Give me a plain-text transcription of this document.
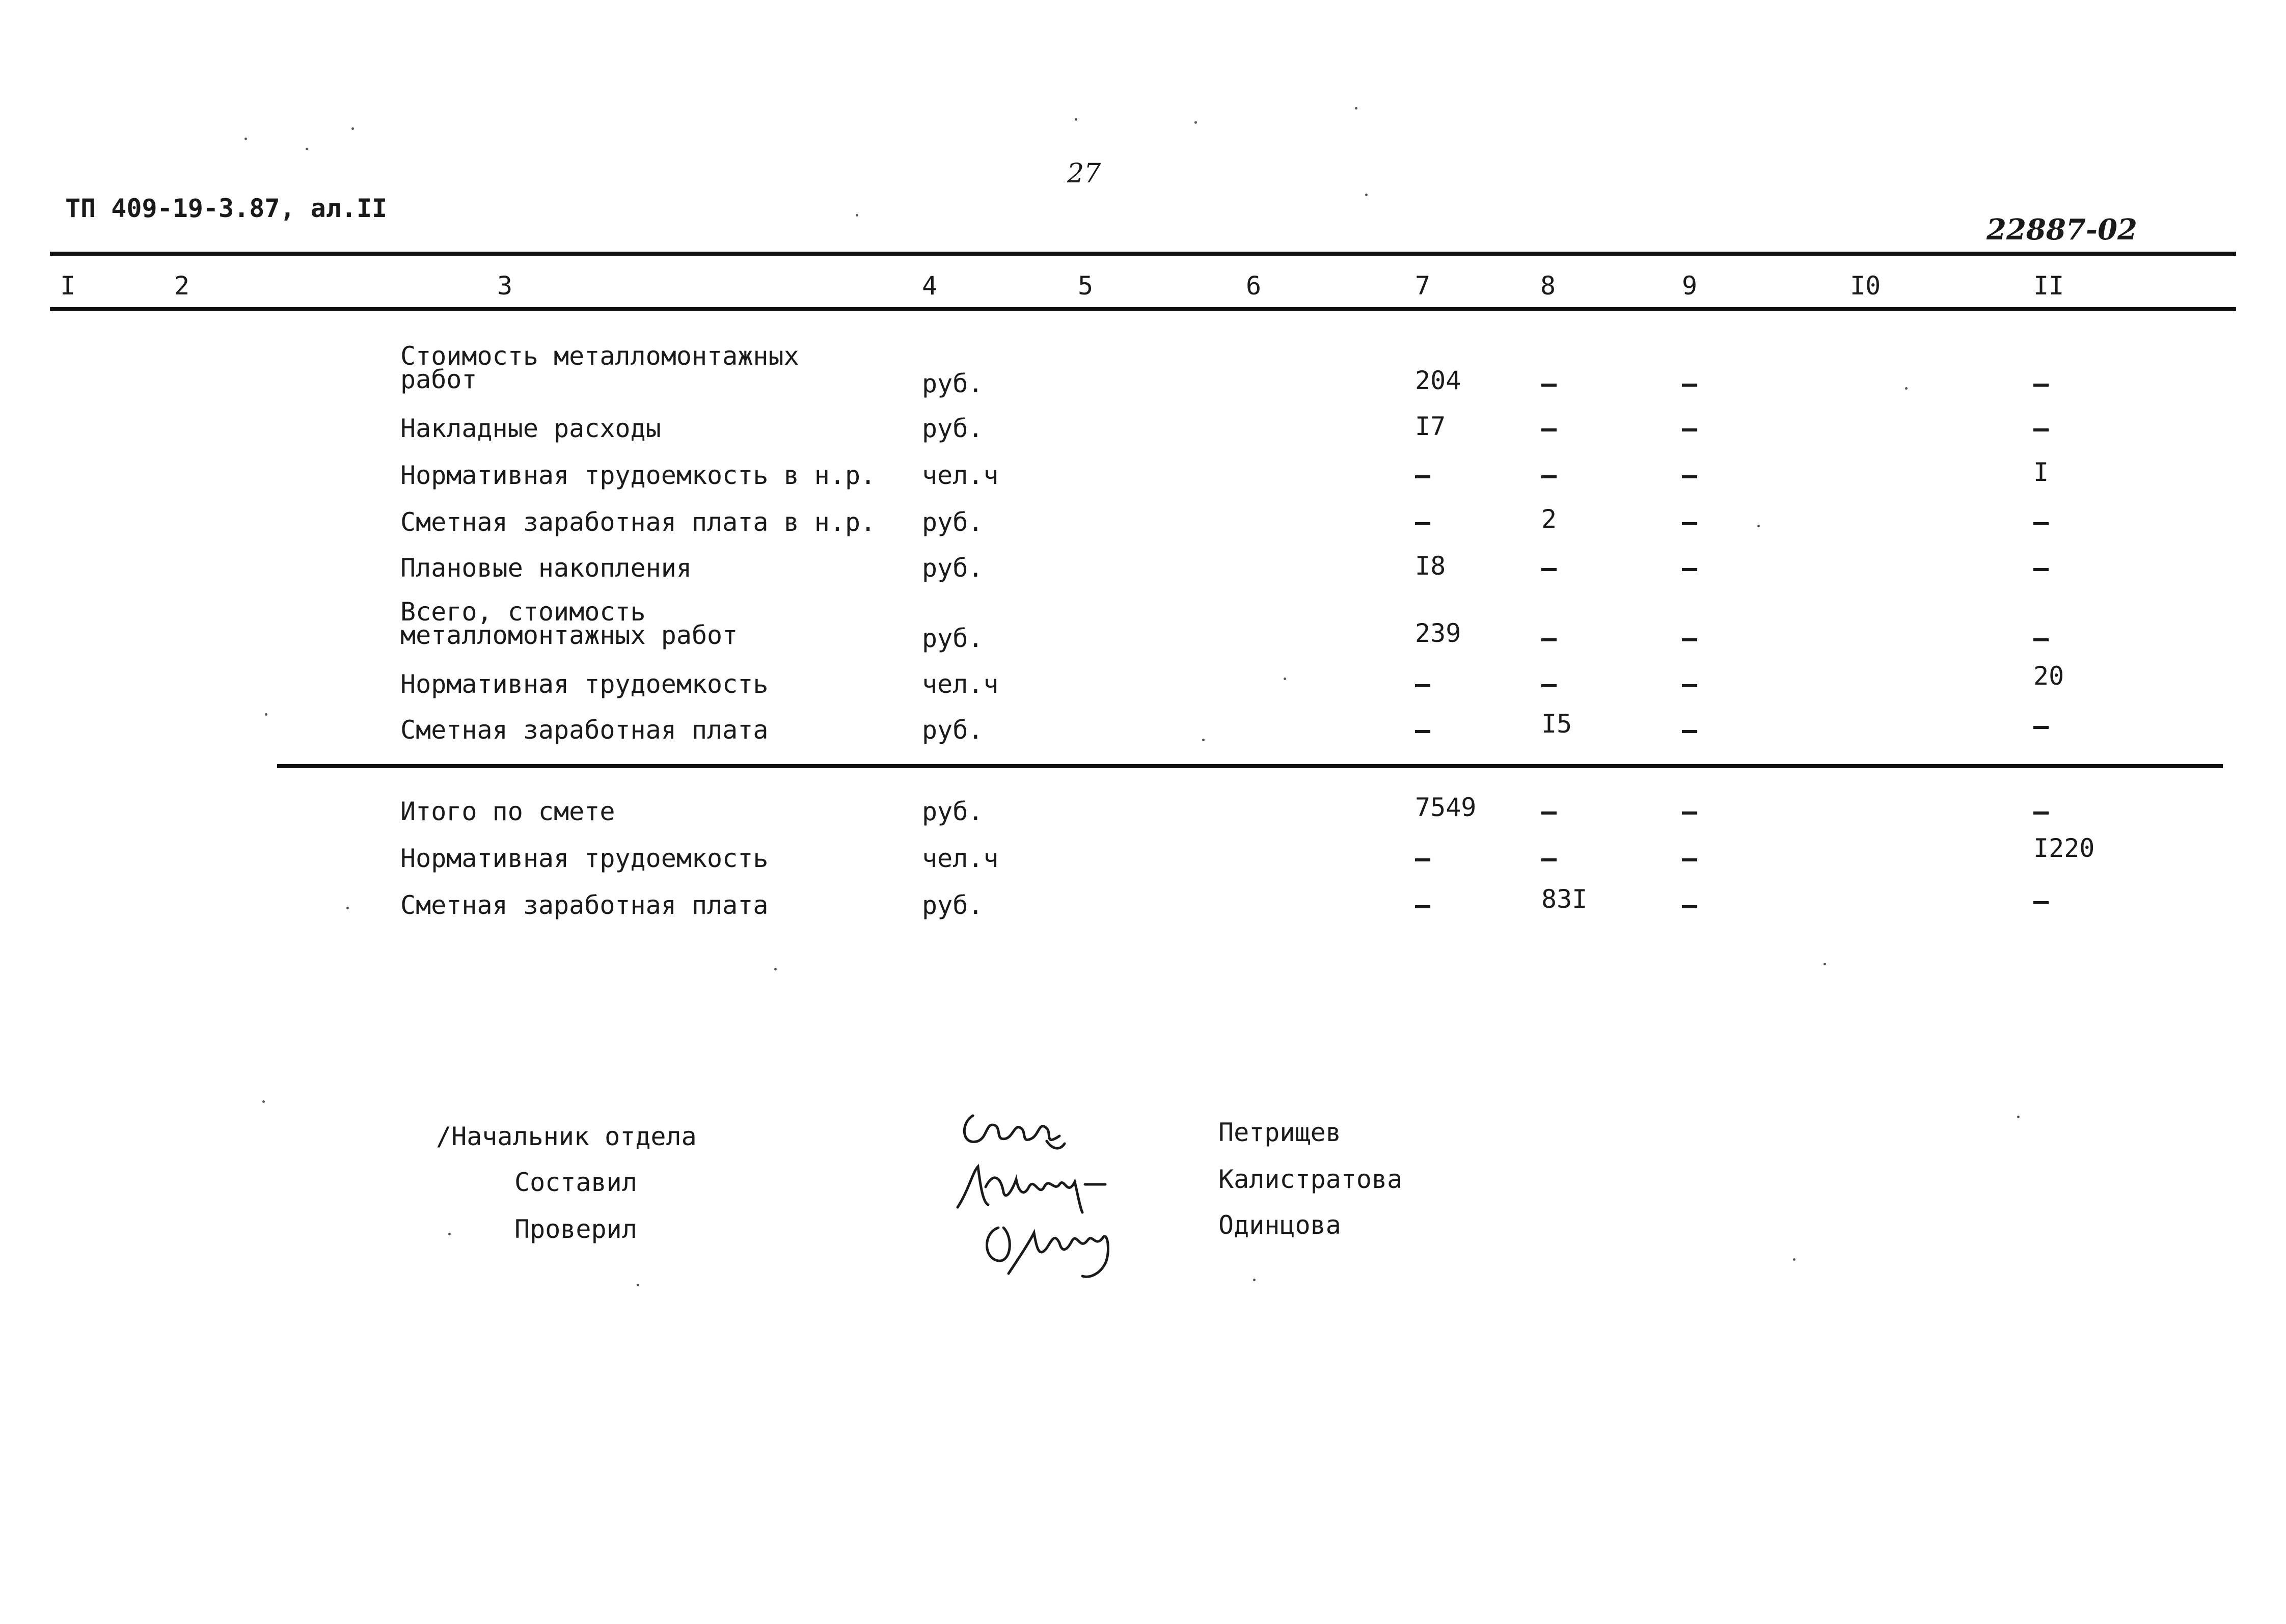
ТП 409-19-3.87, ал.II
27
22887-02
I	2	3	4	5	6	7	8	9	I0	II
Стоимость металломонтажных работ	руб.	204	–	–	–
Накладные расходы	руб.	I7	–	–	–
Нормативная трудоемкость в н.р. чел.ч	–	–	–	I
Сметная заработная плата в н.р. руб.	–	2	–	–
Плановые накопления	руб.	I8	–	–	–
Всего, стоимость металломонтажных работ	руб.	239	–	–	–
Нормативная трудоемкость	чел.ч	–	–	–	20
Сметная заработная плата	руб.	–	I5	–	–
Итого по смете	руб.	7549	–	–	–
Нормативная трудоемкость	чел.ч	–	–	–	I220
Сметная заработная плата	руб.	–	83I	–	–
/Начальник отдела
Составил
Проверил
Петрищев
Калистратова
Одинцова
